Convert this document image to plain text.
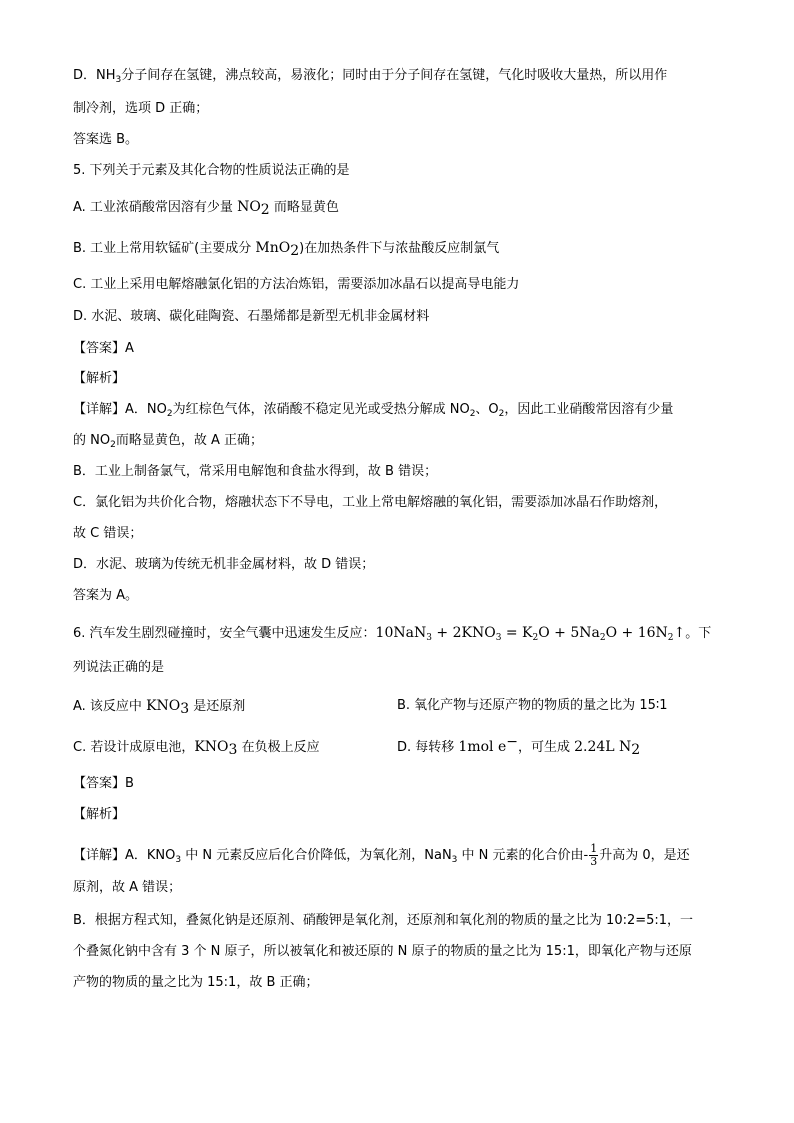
D．$NH_3$分子间存在氢键，沸点较高，易液化；同时由于分子间存在氢键，气化时吸收大量热，所以用作
制冷剂，选项 D 正确；
答案选 B。
5. 下列关于元素及其化合物的性质说法正确的是
A. 工业浓硝酸常因溶有少量 $NO_2$ 而略显黄色
B. 工业上常用软锰矿(主要成分 MnO$_2$)在加热条件下与浓盐酸反应制氯气
C. 工业上采用电解熔融氯化铝的方法冶炼铝，需要添加冰晶石以提高导电能力
D. 水泥、玻璃、碳化硅陶瓷、石墨烯都是新型无机非金属材料
【答案】A
【解析】
【详解】A．$NO_2$为红棕色气体，浓硝酸不稳定见光或受热分解成 $NO_2$、$O_2$，因此工业硝酸常因溶有少量
的 $NO_2$而略显黄色，故 A 正确；
B．工业上制备氯气，常采用电解饱和食盐水得到，故 B 错误；
C．氯化铝为共价化合物，熔融状态下不导电，工业上常电解熔融的氧化铝，需要添加冰晶石作助熔剂，
故 C 错误；
D．水泥、玻璃为传统无机非金属材料，故 D 错误；
答案为 A。
6. 汽车发生剧烈碰撞时，安全气囊中迅速发生反应：$10NaN_3 + 2KNO_3 = K_2O + 5Na_2O$ + $16N_2↑$。下
列说法正确的是
A. 该反应中 $KNO_3$ 是还原剂	B. 氧化产物与还原产物的物质的量之比为 15∶1
C. 若设计成原电池，$KNO_3$ 在负极上反应	D. 每转移 1mol e−，可生成 2.24L $N_2$
【答案】B
【解析】
【详解】A．$KNO_3$ 中 N 元素反应后化合价降低，为氧化剂，NaN$_3$ 中 N 元素的化合价由- $\frac{1}{3}$ 升高为 0，是还
原剂，故 A 错误；
B．根据方程式知，叠氮化钠是还原剂、硝酸钾是氧化剂，还原剂和氧化剂的物质的量之比为 10:2=5:1，一
个叠氮化钠中含有 3 个 N 原子，所以被氧化和被还原的 N 原子的物质的量之比为 15:1，即氧化产物与还原
产物的物质的量之比为 15:1，故 B 正确；
